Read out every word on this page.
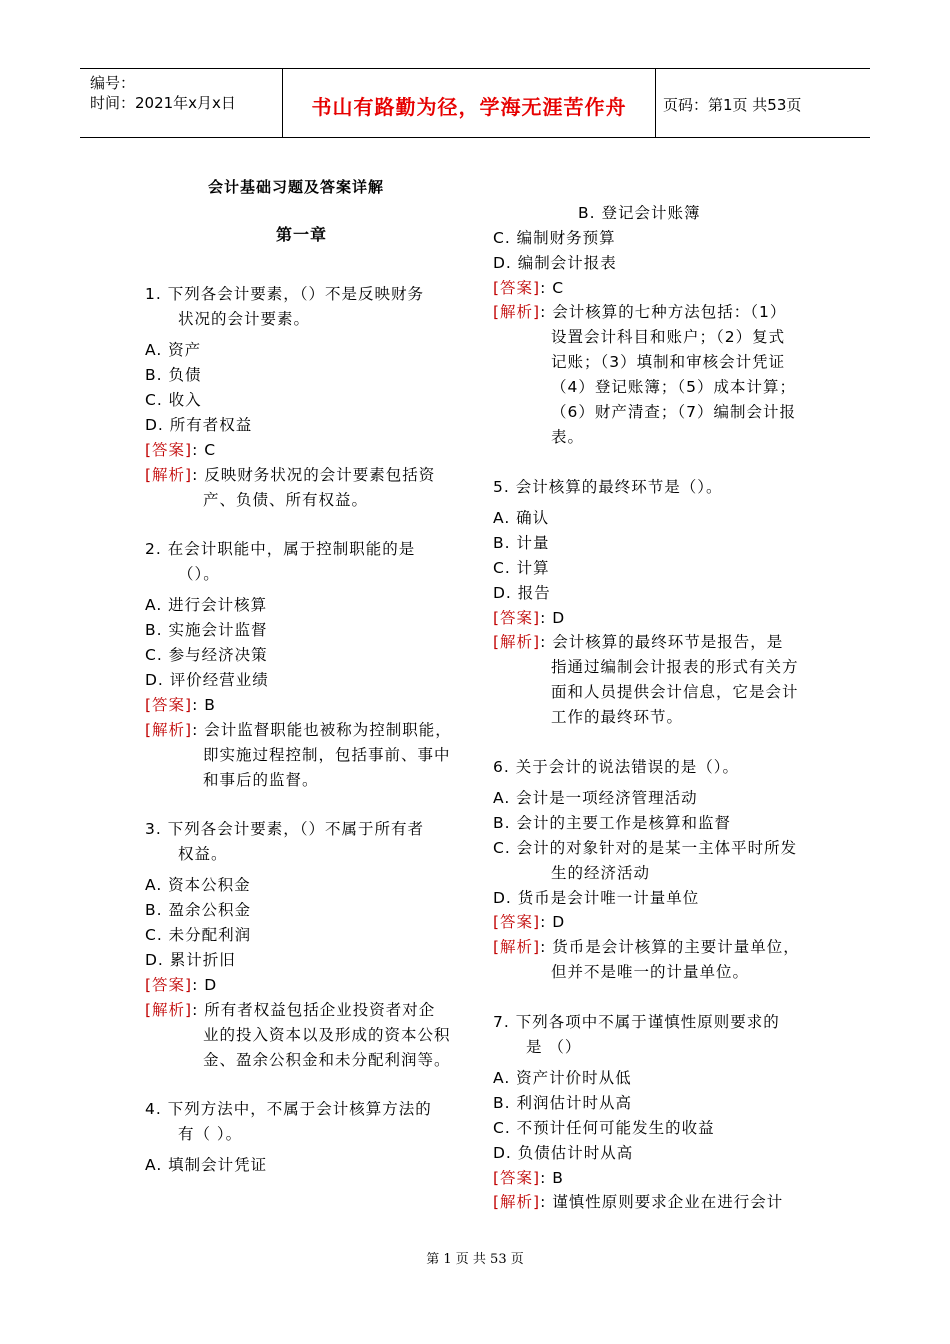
编号：
时间：2021年x月x日	书山有路勤为径，学海无涯苦作舟	页码：第1页 共53页
会计基础习题及答案详解
第一章
1. 下列各会计要素，（）不是反映财务
状况的会计要素。
A. 资产
B. 负债
C. 收入
D. 所有者权益
[答案]: C
[解析]: 反映财务状况的会计要素包括资
产、负债、所有权益。
2. 在会计职能中，属于控制职能的是
（）。
A. 进行会计核算
B. 实施会计监督
C. 参与经济决策
D. 评价经营业绩
[答案]: B
[解析]: 会计监督职能也被称为控制职能，
即实施过程控制，包括事前、事中
和事后的监督。
3. 下列各会计要素，（）不属于所有者
权益。
A. 资本公积金
B. 盈余公积金
C. 未分配利润
D. 累计折旧
[答案]: D
[解析]: 所有者权益包括企业投资者对企
业的投入资本以及形成的资本公积
金、盈余公积金和未分配利润等。
4. 下列方法中，不属于会计核算方法的
有（ ）。
A. 填制会计凭证
B. 登记会计账簿
C. 编制财务预算
D. 编制会计报表
[答案]: C
[解析]: 会计核算的七种方法包括：（1）
设置会计科目和账户；（2）复式
记账；（3）填制和审核会计凭证
（4）登记账簿；（5）成本计算；
（6）财产清查；（7）编制会计报
表。
5. 会计核算的最终环节是（）。
A. 确认
B. 计量
C. 计算
D. 报告
[答案]: D
[解析]: 会计核算的最终环节是报告，是
指通过编制会计报表的形式有关方
面和人员提供会计信息，它是会计
工作的最终环节。
6. 关于会计的说法错误的是（）。
A. 会计是一项经济管理活动
B. 会计的主要工作是核算和监督
C. 会计的对象针对的是某一主体平时所发
生的经济活动
D. 货币是会计唯一计量单位
[答案]: D
[解析]: 货币是会计核算的主要计量单位，
但并不是唯一的计量单位。
7. 下列各项中不属于谨慎性原则要求的
是 （）
A. 资产计价时从低
B. 利润估计时从高
C. 不预计任何可能发生的收益
D. 负债估计时从高
[答案]: B
[解析]: 谨慎性原则要求企业在进行会计
第 1 页 共 53 页
